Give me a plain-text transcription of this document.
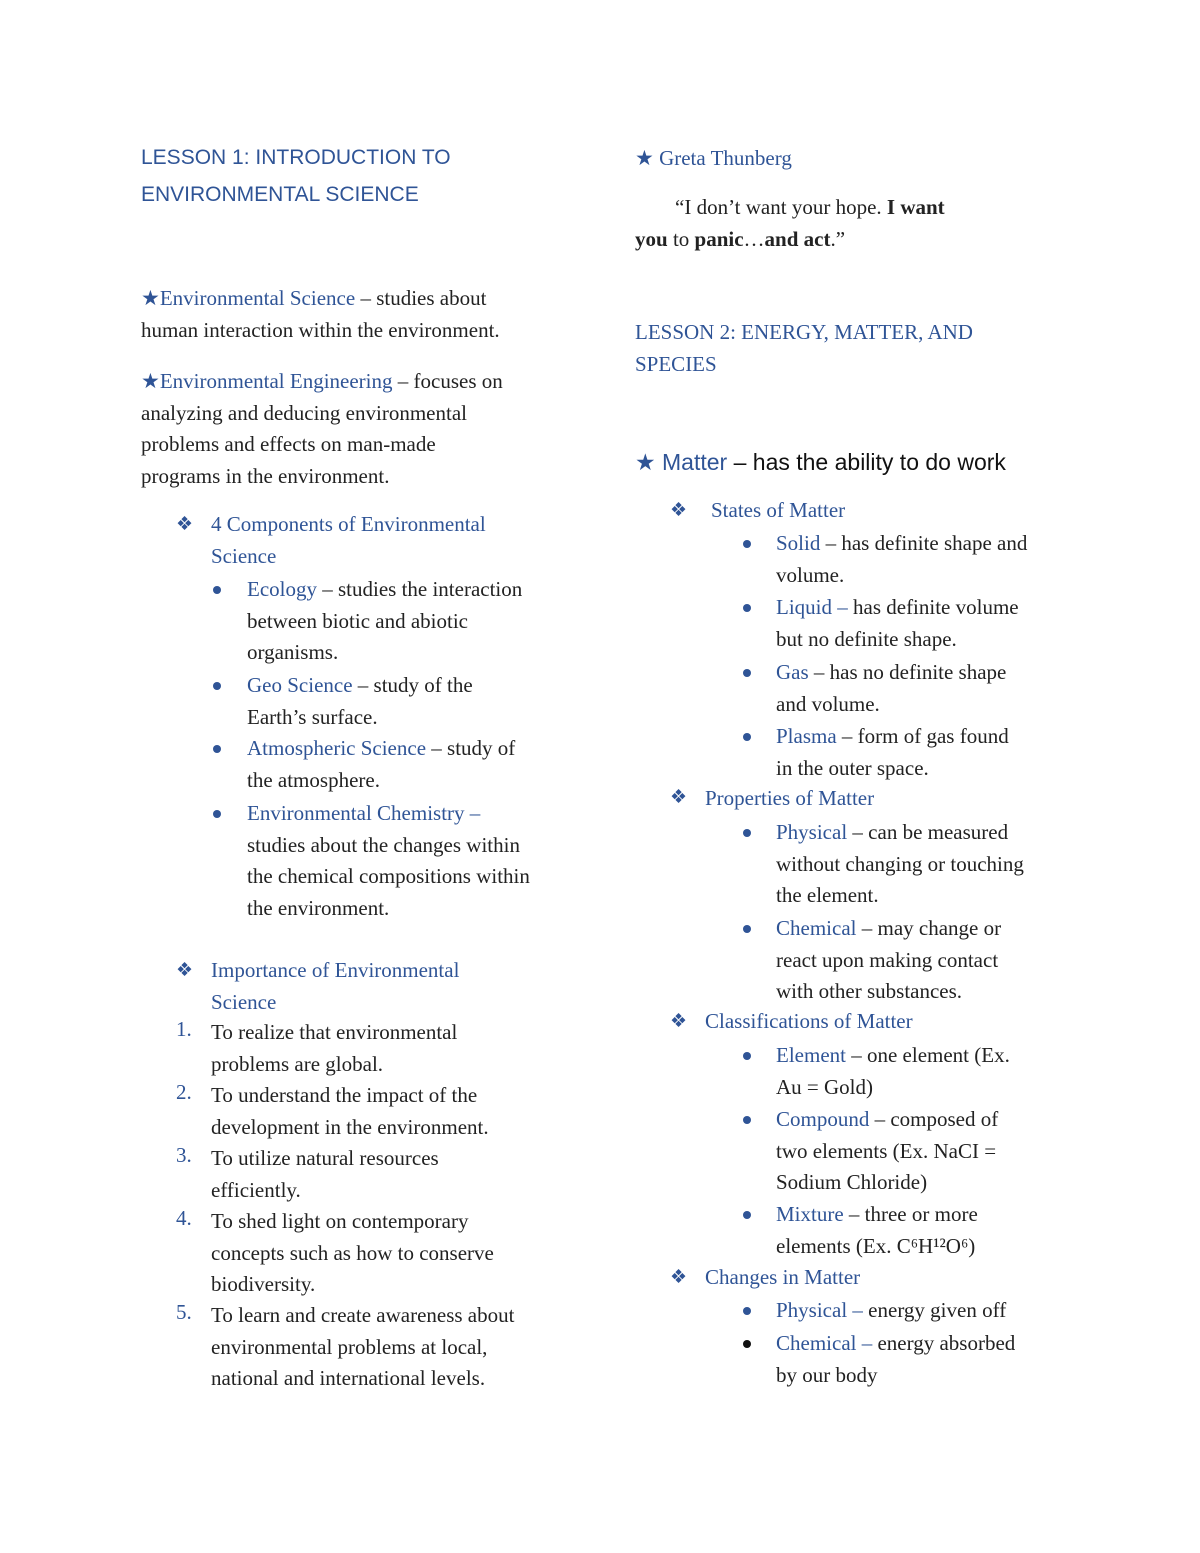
LESSON 1: INTRODUCTION TO
ENVIRONMENTAL SCIENCE
★Environmental Science – studies about
human interaction within the environment.
★Environmental Engineering – focuses on
analyzing and deducing environmental
problems and effects on man-made
programs in the environment.
❖ 4 Components of Environmental
Science
Ecology – studies the interaction
between biotic and abiotic
organisms.
Geo Science – study of the
Earth’s surface.
Atmospheric Science – study of
the atmosphere.
Environmental Chemistry –
studies about the changes within
the chemical compositions within
the environment.
❖ Importance of Environmental
Science
1. To realize that environmental
problems are global.
2. To understand the impact of the
development in the environment.
3. To utilize natural resources
efficiently.
4. To shed light on contemporary
concepts such as how to conserve
biodiversity.
5. To learn and create awareness about
environmental problems at local,
national and international levels.
★ Greta Thunberg
“I don’t want your hope. I want
you to panic…and act.”
LESSON 2: ENERGY, MATTER, AND
SPECIES
★ Matter – has the ability to do work
❖ States of Matter
Solid – has definite shape and
volume.
Liquid – has definite volume
but no definite shape.
Gas – has no definite shape
and volume.
Plasma – form of gas found
in the outer space.
❖ Properties of Matter
Physical – can be measured
without changing or touching
the element.
Chemical – may change or
react upon making contact
with other substances.
❖ Classifications of Matter
Element – one element (Ex.
Au = Gold)
Compound – composed of
two elements (Ex. NaCI =
Sodium Chloride)
Mixture – three or more
elements (Ex. C⁶H¹²O⁶)
❖ Changes in Matter
Physical – energy given off
Chemical – energy absorbed
by our body
